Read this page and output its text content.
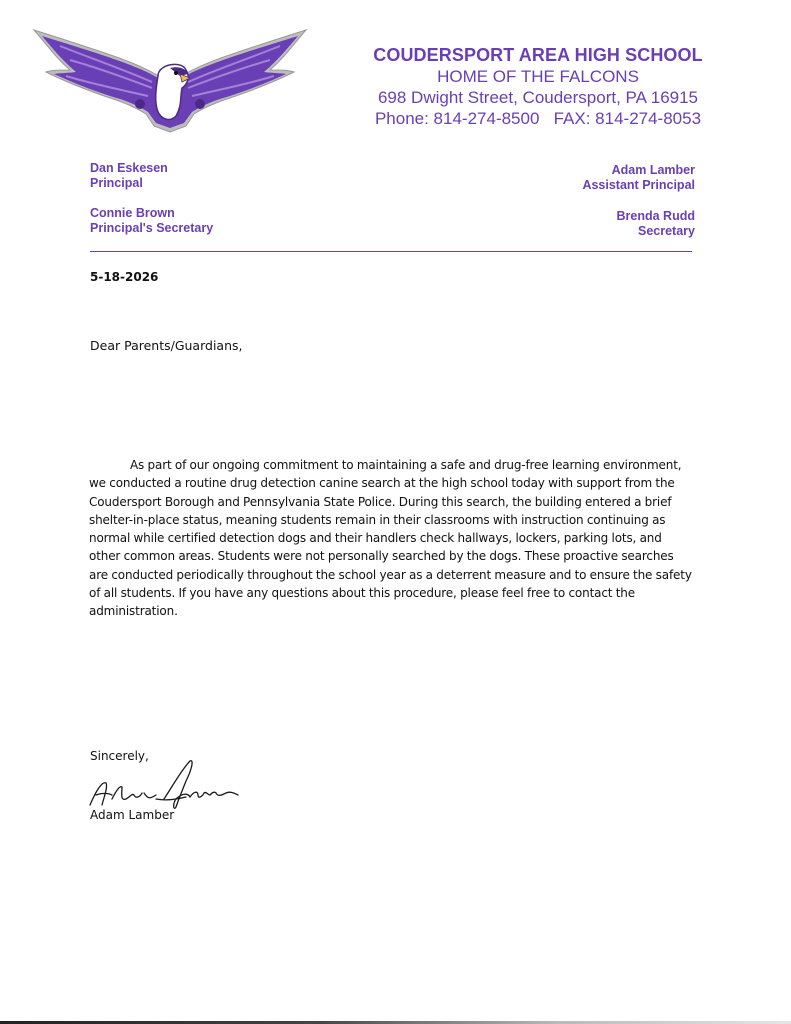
COUDERSPORT AREA HIGH SCHOOL
HOME OF THE FALCONS
698 Dwight Street, Coudersport, PA 16915
Phone: 814-274-8500   FAX: 814-274-8053
Dan Eskesen
Principal
Connie Brown
Principal's Secretary
Adam Lamber
Assistant Principal
Brenda Rudd
Secretary
5-18-2026
Dear Parents/Guardians,
As part of our ongoing commitment to maintaining a safe and drug-free learning environment, we conducted a routine drug detection canine search at the high school today with support from the Coudersport Borough and Pennsylvania State Police. During this search, the building entered a brief shelter-in-place status, meaning students remain in their classrooms with instruction continuing as normal while certified detection dogs and their handlers check hallways, lockers, parking lots, and other common areas. Students were not personally searched by the dogs. These proactive searches are conducted periodically throughout the school year as a deterrent measure and to ensure the safety of all students. If you have any questions about this procedure, please feel free to contact the administration.
Sincerely,
Adam Lamber
